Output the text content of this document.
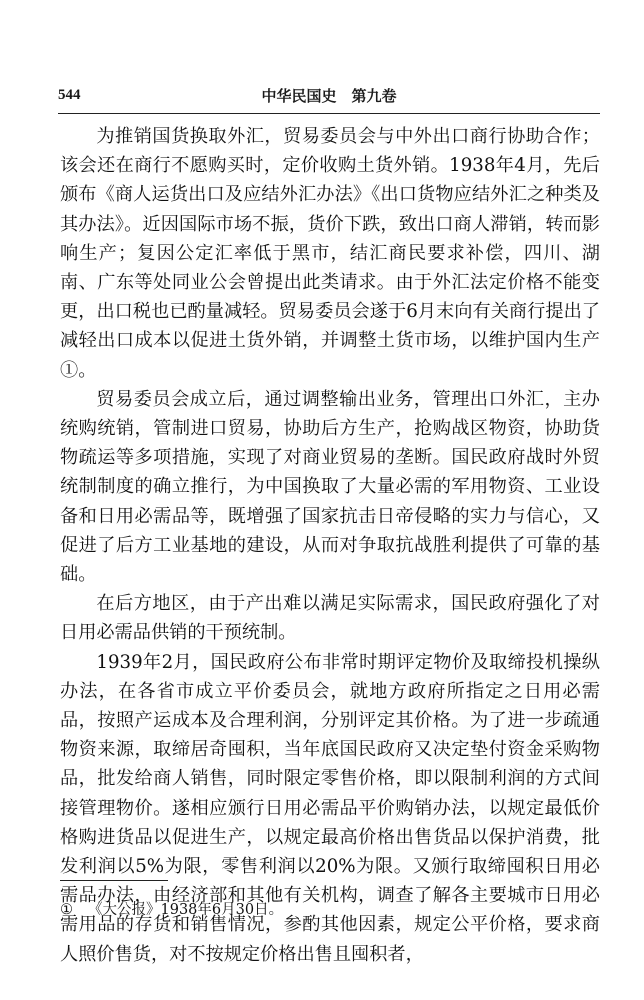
544	中华民国史　第九卷

为推销国货换取外汇，贸易委员会与中外出口商行协助合作；该会还在商行不愿购买时，定价收购土货外销。1938年4月，先后颁布《商人运货出口及应结外汇办法》《出口货物应结外汇之种类及其办法》。近因国际市场不振，货价下跌，致出口商人滞销，转而影响生产；复因公定汇率低于黑市，结汇商民要求补偿，四川、湖南、广东等处同业公会曾提出此类请求。由于外汇法定价格不能变更，出口税也已酌量减轻。贸易委员会遂于6月末向有关商行提出了减轻出口成本以促进土货外销，并调整土货市场，以维护国内生产①。

贸易委员会成立后，通过调整输出业务，管理出口外汇，主办统购统销，管制进口贸易，协助后方生产，抢购战区物资，协助货物疏运等多项措施，实现了对商业贸易的垄断。国民政府战时外贸统制制度的确立推行，为中国换取了大量必需的军用物资、工业设备和日用必需品等，既增强了国家抗击日帝侵略的实力与信心，又促进了后方工业基地的建设，从而对争取抗战胜利提供了可靠的基础。

在后方地区，由于产出难以满足实际需求，国民政府强化了对日用必需品供销的干预统制。

1939年2月，国民政府公布非常时期评定物价及取缔投机操纵办法，在各省市成立平价委员会，就地方政府所指定之日用必需品，按照产运成本及合理利润，分别评定其价格。为了进一步疏通物资来源，取缔居奇囤积，当年底国民政府又决定垫付资金采购物品，批发给商人销售，同时限定零售价格，即以限制利润的方式间接管理物价。遂相应颁行日用必需品平价购销办法，以规定最低价格购进货品以促进生产，以规定最高价格出售货品以保护消费，批发利润以5%为限，零售利润以20%为限。又颁行取缔囤积日用必需品办法，由经济部和其他有关机构，调查了解各主要城市日用必需用品的存货和销售情况，参酌其他因素，规定公平价格，要求商人照价售货，对不按规定价格出售且囤积者，

① 《大公报》1938年6月30日。
